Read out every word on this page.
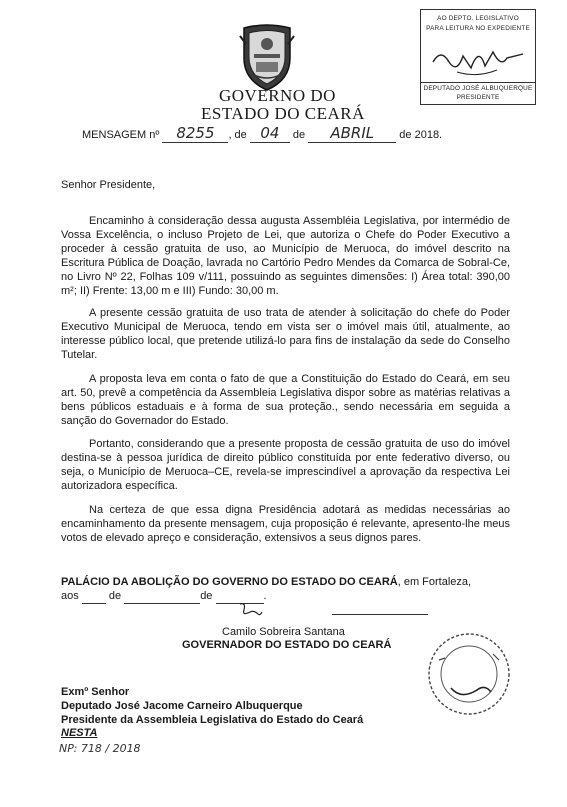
GOVERNO DO
ESTADO DO CEARÁ
AO DEPTO. LEGISLATIVO
PARA LEITURA NO EXPEDIENTE
DEPUTADO JOSÉ ALBUQUERQUE
PRESIDENTE
MENSAGEM nº 8255 , de 04 de ABRIL de 2018.
Senhor Presidente,
Encaminho à consideração dessa augusta Assembléia Legislativa, por intermédio de Vossa Excelência, o incluso Projeto de Lei, que autoriza o Chefe do Poder Executivo a proceder à cessão gratuita de uso, ao Município de Meruoca, do imóvel descrito na Escritura Pública de Doação, lavrada no Cartório Pedro Mendes da Comarca de Sobral-Ce, no Livro Nº 22, Folhas 109 v/111, possuindo as seguintes dimensões: I) Área total: 390,00 m²; II) Frente: 13,00 m e III) Fundo: 30,00 m.
A presente cessão gratuita de uso trata de atender à solicitação do chefe do Poder Executivo Municipal de Meruoca, tendo em vista ser o imóvel mais útil, atualmente, ao interesse público local, que pretende utilizá-lo para fins de instalação da sede do Conselho Tutelar.
A proposta leva em conta o fato de que a Constituição do Estado do Ceará, em seu art. 50, prevê a competência da Assembleia Legislativa dispor sobre as matérias relativas a bens públicos estaduais e à forma de sua proteção., sendo necessária em seguida a sanção do Governador do Estado.
Portanto, considerando que a presente proposta de cessão gratuita de uso do imóvel destina-se à pessoa jurídica de direito público constituída por ente federativo diverso, ou seja, o Município de Meruoca–CE, revela-se imprescindível a aprovação da respectiva Lei autorizadora específica.
Na certeza de que essa digna Presidência adotará as medidas necessárias ao encaminhamento da presente mensagem, cuja proposição é relevante, apresento-lhe meus votos de elevado apreço e consideração, extensivos a seus dignos pares.
PALÁCIO DA ABOLIÇÃO DO GOVERNO DO ESTADO DO CEARÁ, em Fortaleza,
aos	de	de	.
Camilo Sobreira Santana
GOVERNADOR DO ESTADO DO CEARÁ
Exmº Senhor
Deputado José Jacome Carneiro Albuquerque
Presidente da Assembleia Legislativa do Estado do Ceará
NESTA
NP: 718 / 2018
